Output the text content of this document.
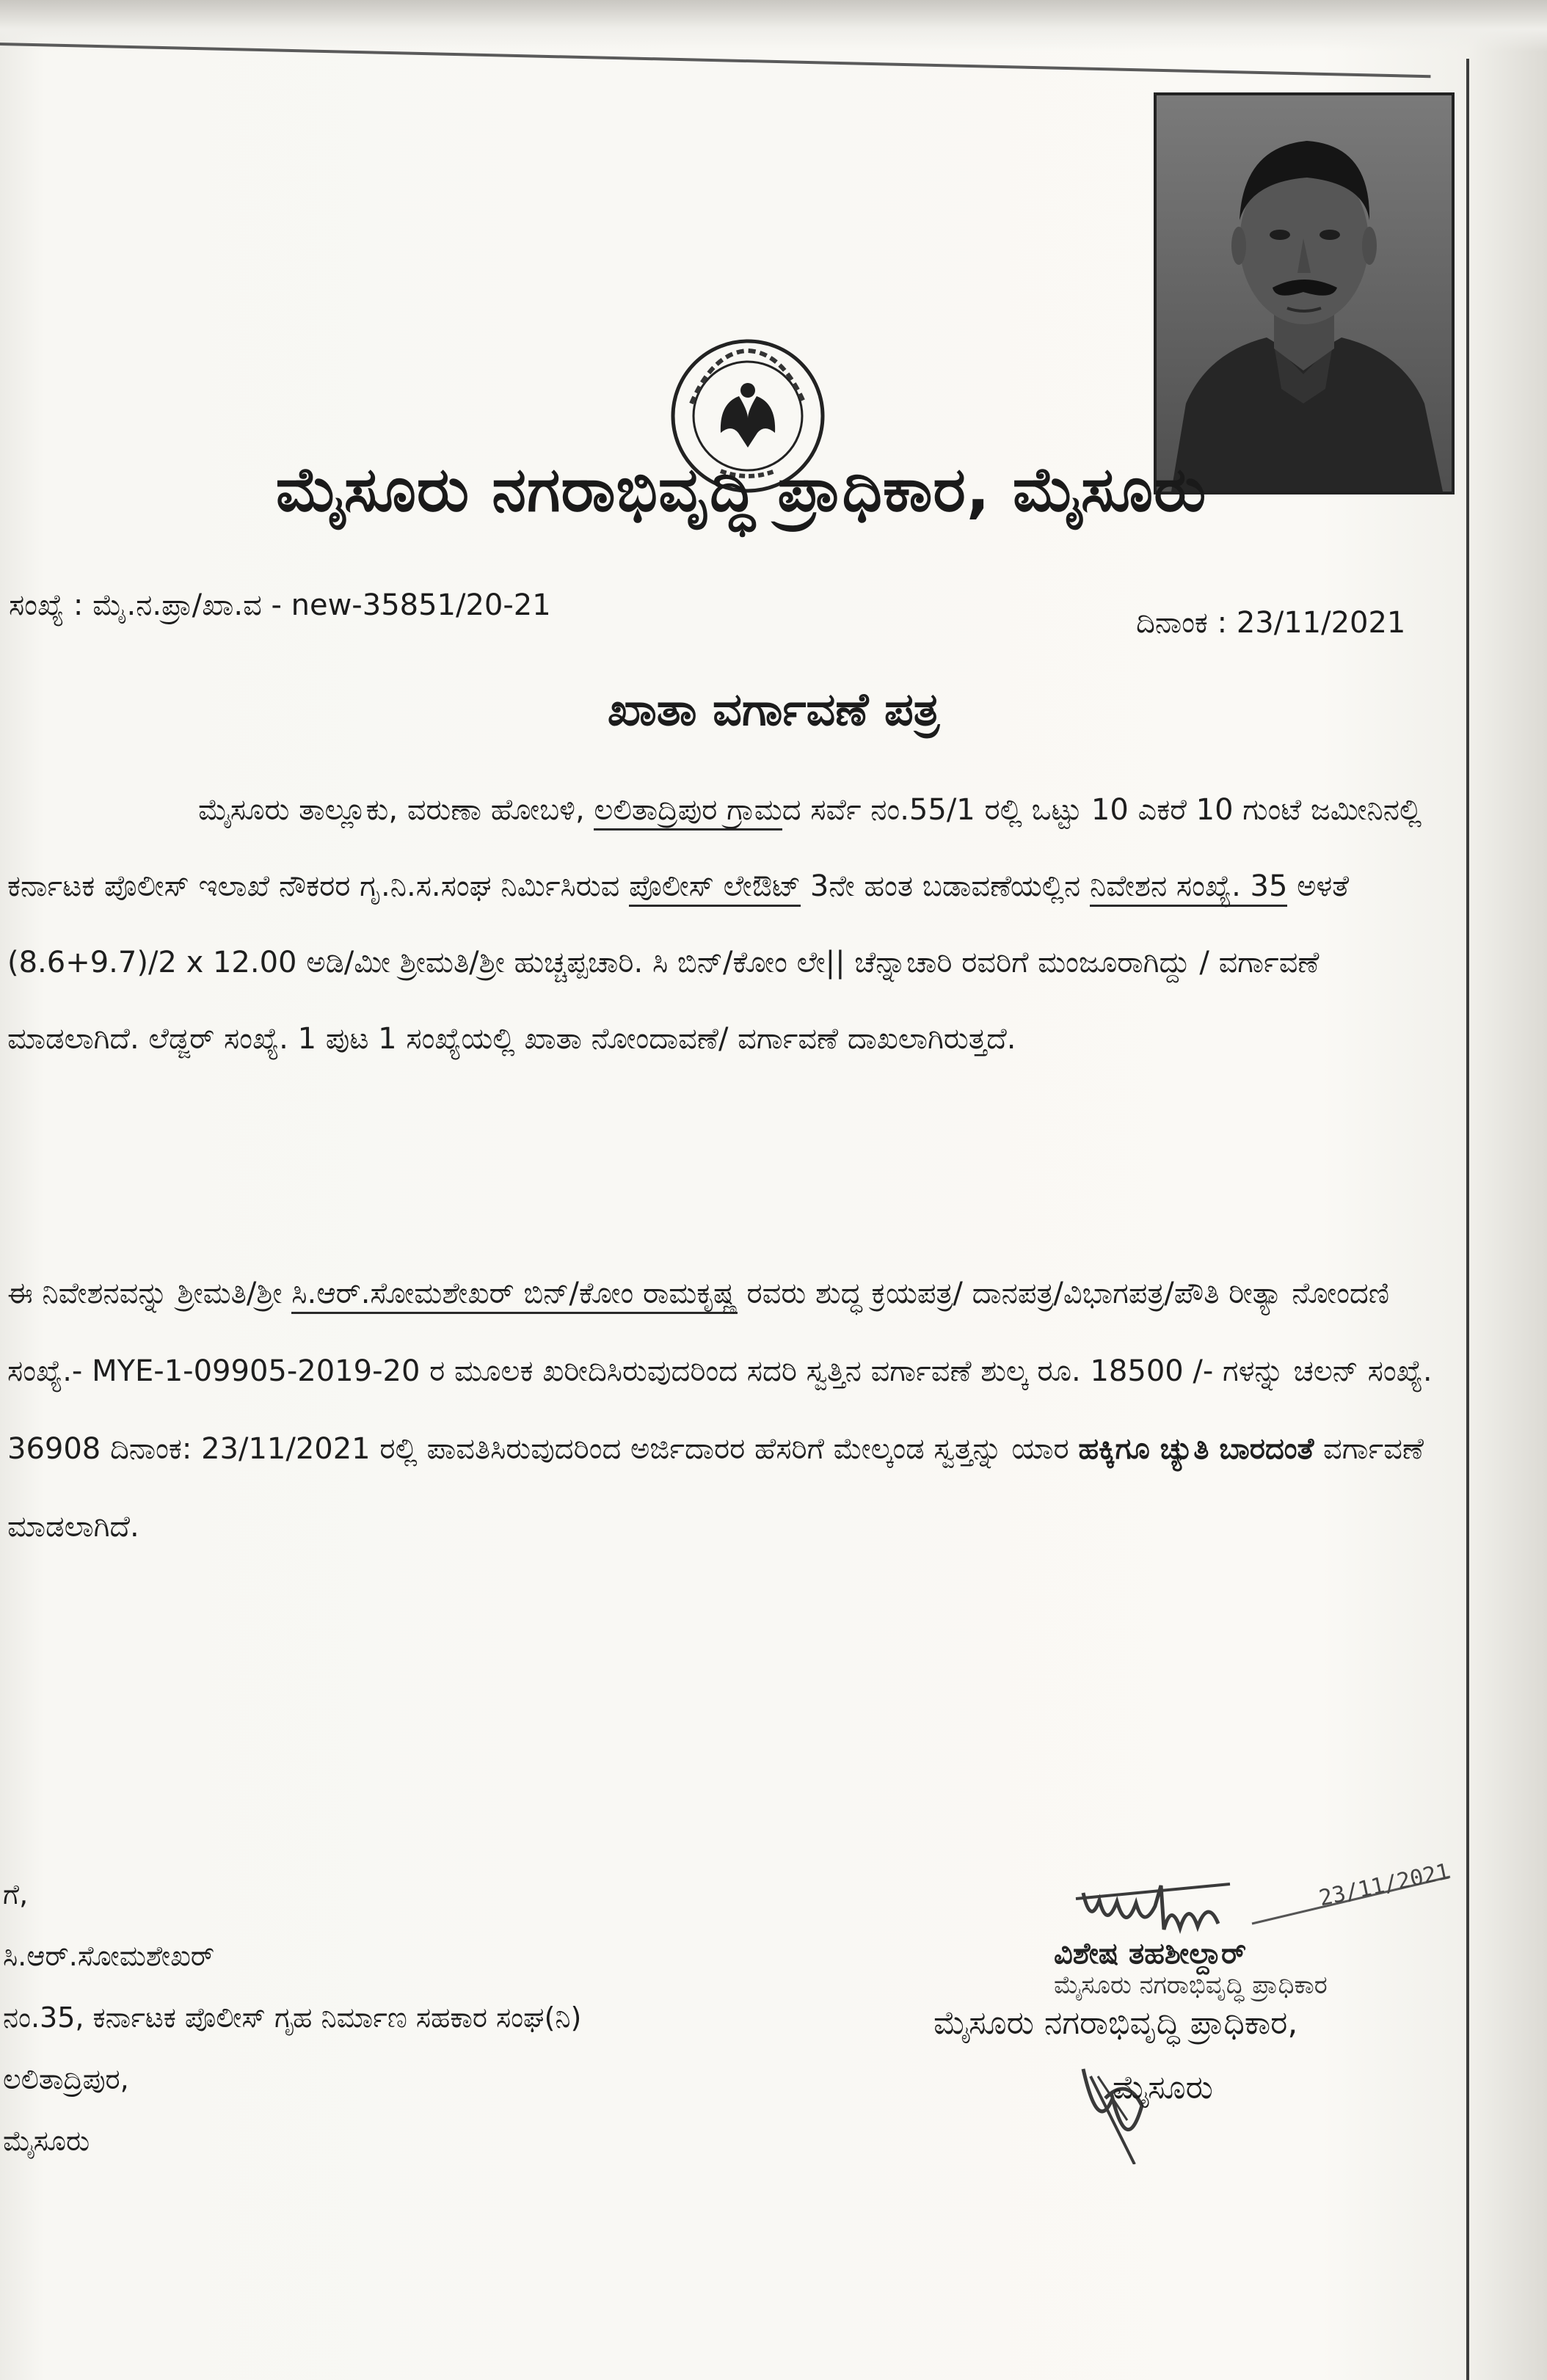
ಮೈಸೂರು ನಗರಾಭಿವೃದ್ಧಿ ಪ್ರಾಧಿಕಾರ, ಮೈಸೂರು
ಸಂಖ್ಯೆ : ಮೈ.ನ.ಪ್ರಾ/ಖಾ.ವ - new-35851/20-21
ದಿನಾಂಕ : 23/11/2021
ಖಾತಾ ವರ್ಗಾವಣೆ ಪತ್ರ
ಮೈಸೂರು ತಾಲ್ಲೂಕು, ವರುಣಾ ಹೋಬಳಿ, ಲಲಿತಾದ್ರಿಪುರ ಗ್ರಾಮದ ಸರ್ವೆ ನಂ.55/1 ರಲ್ಲಿ ಒಟ್ಟು 10 ಎಕರೆ 10 ಗುಂಟೆ ಜಮೀನಿನಲ್ಲಿ ಕರ್ನಾಟಕ ಪೊಲೀಸ್ ಇಲಾಖೆ ನೌಕರರ ಗೃ.ನಿ.ಸ.ಸಂಘ ನಿರ್ಮಿಸಿರುವ ಪೊಲೀಸ್ ಲೇಔಟ್ 3ನೇ ಹಂತ ಬಡಾವಣೆಯಲ್ಲಿನ ನಿವೇಶನ ಸಂಖ್ಯೆ. 35 ಅಳತೆ (8.6+9.7)/2 x 12.00 ಅಡಿ/ಮೀ ಶ್ರೀಮತಿ/ಶ್ರೀ ಹುಚ್ಚಪ್ಪಚಾರಿ. ಸಿ ಬಿನ್/ಕೋಂ ಲೇ|| ಚೆನ್ನಾಚಾರಿ ರವರಿಗೆ ಮಂಜೂರಾಗಿದ್ದು / ವರ್ಗಾವಣೆ ಮಾಡಲಾಗಿದೆ. ಲೆಡ್ಜರ್ ಸಂಖ್ಯೆ. 1 ಪುಟ 1 ಸಂಖ್ಯೆಯಲ್ಲಿ ಖಾತಾ ನೋಂದಾವಣೆ/ ವರ್ಗಾವಣೆ ದಾಖಲಾಗಿರುತ್ತದೆ.
ಈ ನಿವೇಶನವನ್ನು ಶ್ರೀಮತಿ/ಶ್ರೀ ಸಿ.ಆರ್.ಸೋಮಶೇಖರ್ ಬಿನ್/ಕೋಂ ರಾಮಕೃಷ್ಣ ರವರು ಶುದ್ಧ ಕ್ರಯಪತ್ರ/ ದಾನಪತ್ರ/ವಿಭಾಗಪತ್ರ/ಪೌತಿ ರೀತ್ಯಾ ನೋಂದಣಿ ಸಂಖ್ಯೆ.- MYE-1-09905-2019-20 ರ ಮೂಲಕ ಖರೀದಿಸಿರುವುದರಿಂದ ಸದರಿ ಸ್ವತ್ತಿನ ವರ್ಗಾವಣೆ ಶುಲ್ಕ ರೂ. 18500 /- ಗಳನ್ನು ಚಲನ್ ಸಂಖ್ಯೆ. 36908 ದಿನಾಂಕ: 23/11/2021 ರಲ್ಲಿ ಪಾವತಿಸಿರುವುದರಿಂದ ಅರ್ಜಿದಾರರ ಹೆಸರಿಗೆ ಮೇಲ್ಕಂಡ ಸ್ವತ್ತನ್ನು ಯಾರ ಹಕ್ಕಿಗೂ ಚ್ಯುತಿ ಬಾರದಂತೆ ವರ್ಗಾವಣೆ ಮಾಡಲಾಗಿದೆ.
ಗೆ,
ಸಿ.ಆರ್.ಸೋಮಶೇಖರ್
ನಂ.35, ಕರ್ನಾಟಕ ಪೊಲೀಸ್ ಗೃಹ ನಿರ್ಮಾಣ ಸಹಕಾರ ಸಂಘ(ನಿ)
ಲಲಿತಾದ್ರಿಪುರ,
ಮೈಸೂರು
ವಿಶೇಷ ತಹಶೀಲ್ದಾರ್
ಮೈಸೂರು ನಗರಾಭಿವೃದ್ಧಿ ಪ್ರಾಧಿಕಾರ
ಮೈಸೂರು ನಗರಾಭಿವೃದ್ಧಿ ಪ್ರಾಧಿಕಾರ,
ಮೈಸೂರು
23/11/2021
